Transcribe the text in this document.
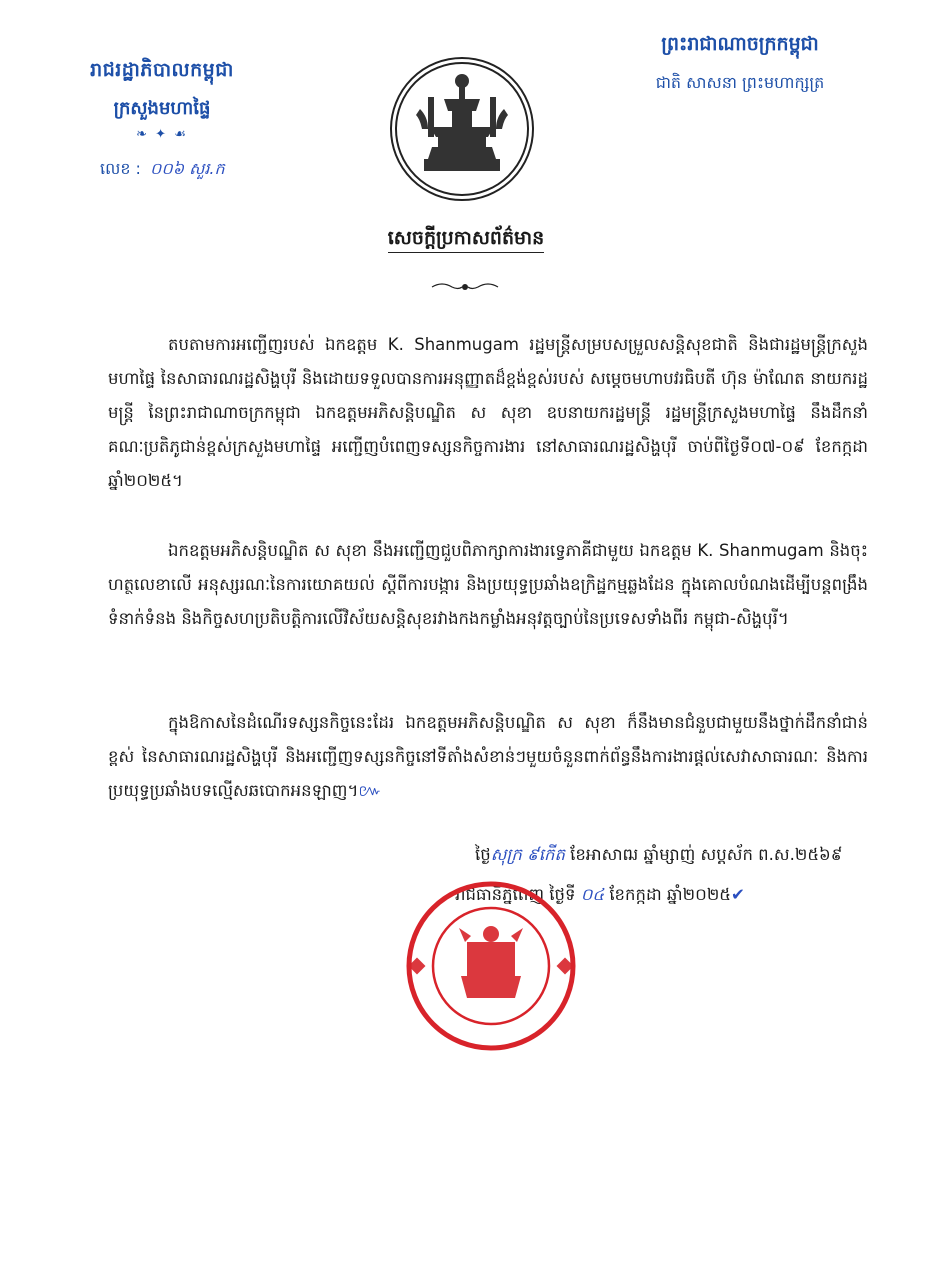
រាជរដ្ឋាភិបាលកម្ពុជា
ក្រសួងមហាផ្ទៃ
❧ ✦ ☙
លេខ : ០០៦ សួរ.ក
ព្រះរាជាណាចក្រកម្ពុជា
ជាតិ សាសនា ព្រះមហាក្សត្រ
សេចក្ដីប្រកាសព័ត៌មាន
តបតាមការអញ្ជើញរបស់ ឯកឧត្តម K. Shanmugam រដ្ឋមន្ត្រីសម្របសម្រួលសន្តិសុខជាតិ និងជារដ្ឋមន្ត្រីក្រសួងមហាផ្ទៃ នៃសាធារណរដ្ឋសិង្ហបុរី និងដោយទទួលបានការអនុញ្ញាតដ៏ខ្ពង់ខ្ពស់របស់ សម្ដេចមហាបវរធិបតី ហ៊ុន ម៉ាណែត នាយករដ្ឋមន្ត្រី នៃព្រះរាជាណាចក្រកម្ពុជា ឯកឧត្តមអភិសន្តិបណ្ឌិត ស សុខា ឧបនាយករដ្ឋមន្ត្រី រដ្ឋមន្ត្រីក្រសួងមហាផ្ទៃ នឹងដឹកនាំគណៈប្រតិភូជាន់ខ្ពស់ក្រសួងមហាផ្ទៃ អញ្ជើញបំពេញទស្សនកិច្ចការងារ នៅសាធារណរដ្ឋសិង្ហបុរី ចាប់ពីថ្ងៃទី០៧-០៩ ខែកក្កដា ឆ្នាំ២០២៥។
ឯកឧត្តមអភិសន្តិបណ្ឌិត ស សុខា នឹងអញ្ជើញជួបពិភាក្សាការងារទ្វេភាគីជាមួយ ឯកឧត្តម K. Shanmugam និងចុះហត្ថលេខាលើ អនុស្សរណៈនៃការយោគយល់ ស្ដីពីការបង្ការ និងប្រយុទ្ធប្រឆាំងឧក្រិដ្ឋកម្មឆ្លងដែន ក្នុងគោលបំណងដើម្បីបន្តពង្រឹងទំនាក់ទំនង និងកិច្ចសហប្រតិបត្តិការលើវិស័យសន្តិសុខរវាងកងកម្លាំងអនុវត្តច្បាប់នៃប្រទេសទាំងពីរ កម្ពុជា-សិង្ហបុរី។
ក្នុងឱកាសនៃដំណើរទស្សនកិច្ចនេះដែរ ឯកឧត្តមអភិសន្តិបណ្ឌិត ស សុខា ក៏នឹងមានជំនួបជាមួយនឹងថ្នាក់ដឹកនាំជាន់ខ្ពស់ នៃសាធារណរដ្ឋសិង្ហបុរី និងអញ្ជើញទស្សនកិច្ចនៅទីតាំងសំខាន់ៗមួយចំនួនពាក់ព័ន្ធនឹងការងារផ្ដល់សេវាសាធារណៈ និងការប្រយុទ្ធប្រឆាំងបទល្មើសឆបោកអនឡាញ។៚
ថ្ងៃសុក្រ ៩កើត ខែអាសាឍ ឆ្នាំម្សាញ់ សប្តស័ក ព.ស.២៥៦៩
រាជធានីភ្នំពេញ ថ្ងៃទី ០៤ ខែកក្កដា ឆ្នាំ២០២៥✔
